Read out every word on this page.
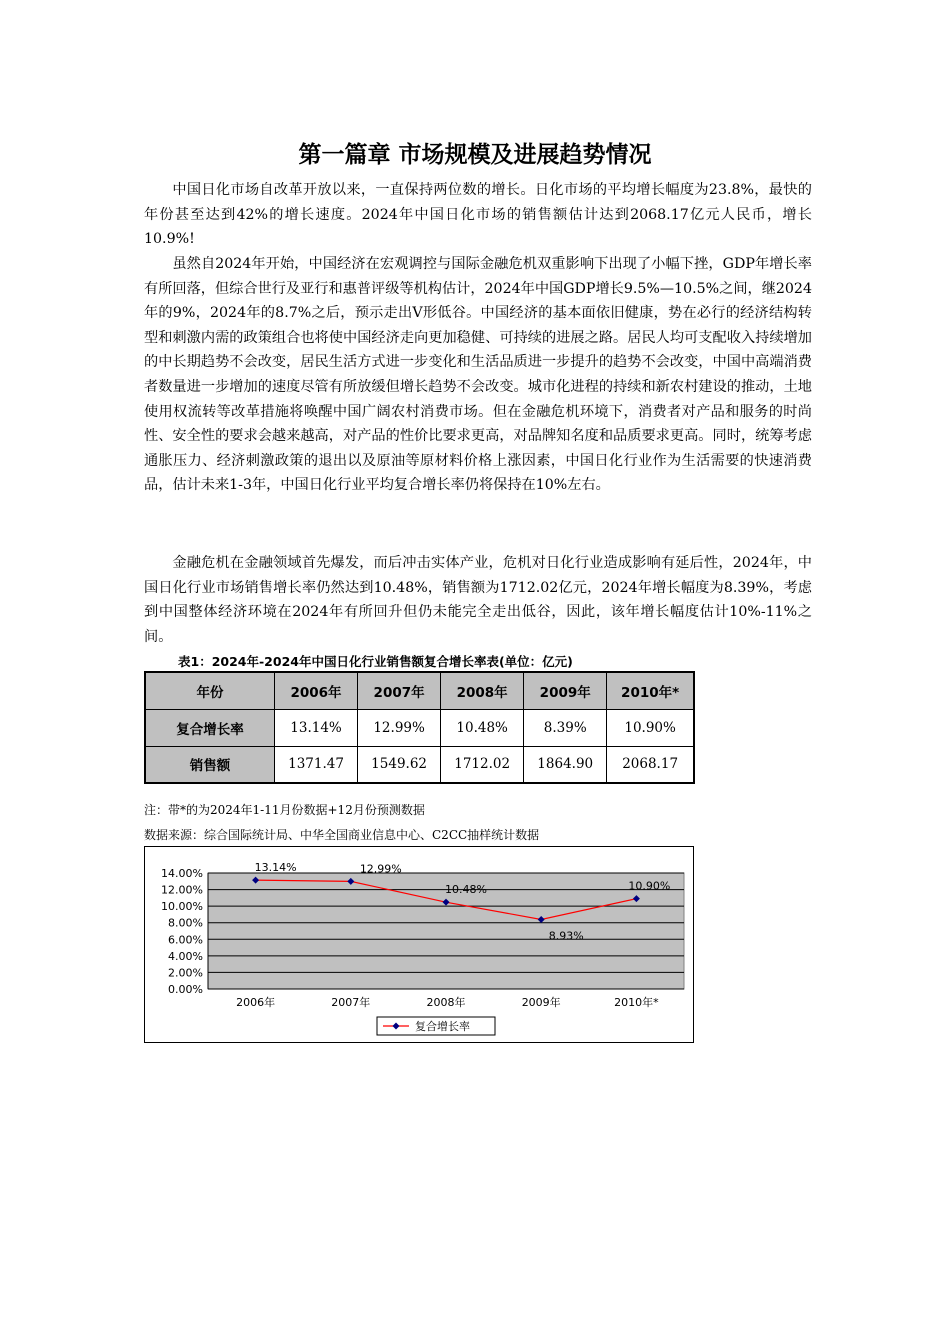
第一篇章 市场规模及进展趋势情况

中国日化市场自改革开放以来，一直保持两位数的增长。日化市场的平均增长幅度为23.8%，最快的年份甚至达到42%的增长速度。2024年中国日化市场的销售额估计达到2068.17亿元人民币，增长10.9%!

虽然自2024年开始，中国经济在宏观调控与国际金融危机双重影响下出现了小幅下挫，GDP年增长率有所回落，但综合世行及亚行和惠普评级等机构估计，2024年中国GDP增长9.5%—10.5%之间，继2024年的9%，2024年的8.7%之后，预示走出V形低谷。中国经济的基本面依旧健康，势在必行的经济结构转型和刺激内需的政策组合也将使中国经济走向更加稳健、可持续的进展之路。居民人均可支配收入持续增加的中长期趋势不会改变，居民生活方式进一步变化和生活品质进一步提升的趋势不会改变，中国中高端消费者数量进一步增加的速度尽管有所放缓但增长趋势不会改变。城市化进程的持续和新农村建设的推动，土地使用权流转等改革措施将唤醒中国广阔农村消费市场。但在金融危机环境下，消费者对产品和服务的时尚性、安全性的要求会越来越高，对产品的性价比要求更高，对品牌知名度和品质要求更高。同时，统筹考虑通胀压力、经济刺激政策的退出以及原油等原材料价格上涨因素，中国日化行业作为生活需要的快速消费品，估计未来1-3年，中国日化行业平均复合增长率仍将保持在10%左右。

金融危机在金融领域首先爆发，而后冲击实体产业，危机对日化行业造成影响有延后性，2024年，中国日化行业市场销售增长率仍然达到10.48%，销售额为1712.02亿元，2024年增长幅度为8.39%，考虑到中国整体经济环境在2024年有所回升但仍未能完全走出低谷，因此，该年增长幅度估计10%-11%之间。

表1：2024年-2024年中国日化行业销售额复合增长率表(单位：亿元)
年份	2006年	2007年	2008年	2009年	2010年*
复合增长率	13.14%	12.99%	10.48%	8.39%	10.90%
销售额	1371.47	1549.62	1712.02	1864.90	2068.17
注：带*的为2024年1-11月份数据+12月份预测数据
数据来源：综合国际统计局、中华全国商业信息中心、C2CC抽样统计数据
0.00%
2.00%
4.00%
6.00%
8.00%
10.00%
12.00%
14.00%
2006年	2007年	2008年	2009年	2010年*
13.14%	12.99%
10.48%
8.93%
10.90%
复合增长率
